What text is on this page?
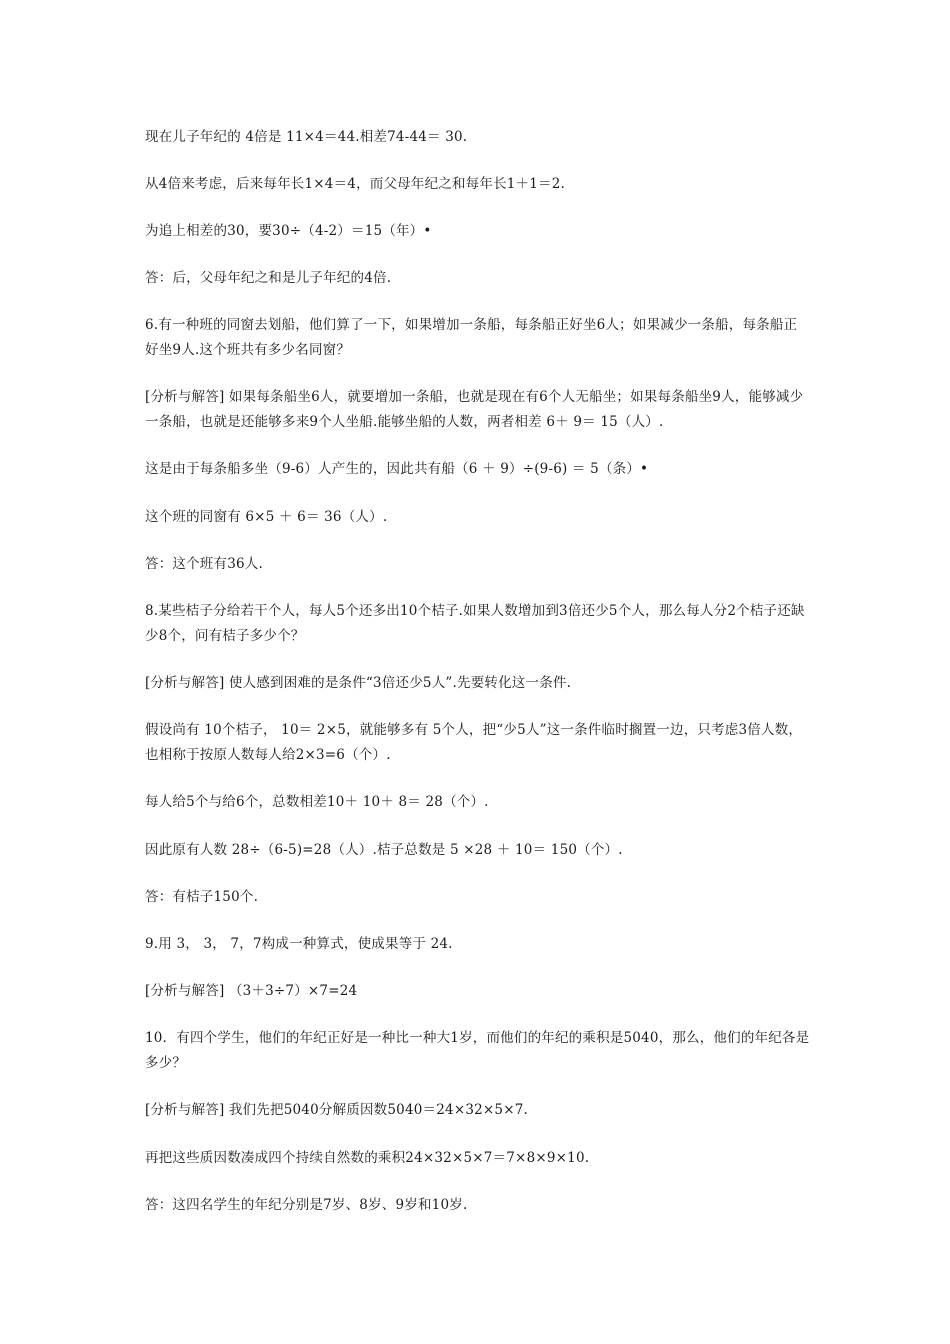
现在儿子年纪的 4倍是 11×4＝44.相差74-44＝ 30.

从4倍来考虑，后来每年长1×4＝4，而父母年纪之和每年长1＋1＝2.

为追上相差的30，要30÷（4-2）＝15（年）•

答：后，父母年纪之和是儿子年纪的4倍.

6.有一种班的同窗去划船，他们算了一下，如果增加一条船，每条船正好坐6人；如果减少一条船，每条船正好坐9人.这个班共有多少名同窗？

[分析与解答] 如果每条船坐6人，就要增加一条船，也就是现在有6个人无船坐；如果每条船坐9人，能够减少一条船，也就是还能够多来9个人坐船.能够坐船的人数，两者相差 6＋ 9＝ 15（人）.

这是由于每条船多坐（9-6）人产生的，因此共有船（6 ＋ 9）÷(9-6) ＝ 5（条）•

这个班的同窗有 6×5 ＋ 6＝ 36（人）.

答：这个班有36人.

8.某些桔子分给若干个人，每人5个还多出10个桔子.如果人数增加到3倍还少5个人，那么每人分2个桔子还缺少8个，问有桔子多少个？

[分析与解答] 使人感到困难的是条件“3倍还少5人”.先要转化这一条件.

假设尚有 10个桔子， 10＝ 2×5，就能够多有 5个人，把“少5人”这一条件临时搁置一边，只考虑3倍人数，也相称于按原人数每人给2×3=6（个）.

每人给5个与给6个，总数相差10＋ 10＋ 8＝ 28（个）.

因此原有人数 28÷（6-5)=28（人）.桔子总数是 5 ×28 ＋ 10＝ 150（个）.

答：有桔子150个.

9.用 3， 3， 7，7构成一种算式，使成果等于 24.

[分析与解答] （3＋3÷7）×7=24

10．有四个学生，他们的年纪正好是一种比一种大1岁，而他们的年纪的乘积是5040，那么，他们的年纪各是多少？

[分析与解答] 我们先把5040分解质因数5040＝24×32×5×7.

再把这些质因数凑成四个持续自然数的乘积24×32×5×7＝7×8×9×10.

答：这四名学生的年纪分别是7岁、8岁、9岁和10岁.
